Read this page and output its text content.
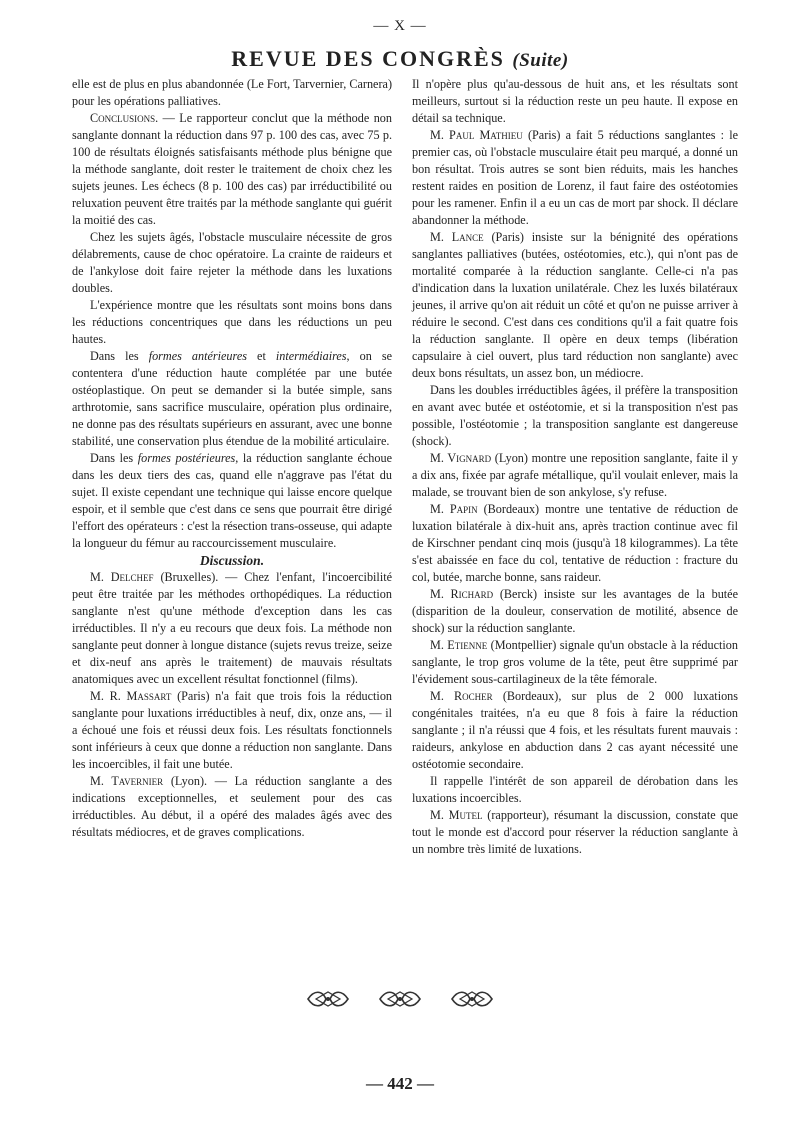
— X —
REVUE DES CONGRÈS (Suite)

elle est de plus en plus abandonnée (Le Fort, Tarvernier, Carnera) pour les opérations palliatives.

Conclusions. — Le rapporteur conclut que la méthode non sanglante donnant la réduction dans 97 p. 100 des cas, avec 75 p. 100 de résultats éloignés satisfaisants méthode plus bénigne que la méthode sanglante, doit rester le traitement de choix chez les sujets jeunes. Les échecs (8 p. 100 des cas) par irréductibilité ou reluxation peuvent être traités par la méthode sanglante qui guérit la moitié des cas.

Chez les sujets âgés, l'obstacle musculaire nécessite de gros délabrements, cause de choc opératoire. La crainte de raideurs et de l'ankylose doit faire rejeter la méthode dans les luxations doubles.

L'expérience montre que les résultats sont moins bons dans les réductions concentriques que dans les réductions un peu hautes.

Dans les formes antérieures et intermédiaires, on se contentera d'une réduction haute complétée par une butée ostéoplastique. On peut se demander si la butée simple, sans arthrotomie, sans sacrifice musculaire, opération plus ordinaire, ne donne pas des résultats supérieurs en assurant, avec une bonne stabilité, une conservation plus étendue de la mobilité articulaire.

Dans les formes postérieures, la réduction sanglante échoue dans les deux tiers des cas, quand elle n'aggrave pas l'état du sujet. Il existe cependant une technique qui laisse encore quelque espoir, et il semble que c'est dans ce sens que pourrait être dirigé l'effort des opérateurs : c'est la résection trans-osseuse, qui adapte la longueur du fémur au raccourcissement musculaire.

Discussion.

M. Delchef (Bruxelles). — Chez l'enfant, l'incoercibilité peut être traitée par les méthodes orthopédiques. La réduction sanglante n'est qu'une méthode d'exception dans les cas irréductibles. Il n'y a eu recours que deux fois. La méthode non sanglante peut donner à longue distance (sujets revus treize, seize et dix-neuf ans après le traitement) de mauvais résultats anatomiques avec un excellent résultat fonctionnel (films).

M. R. Massart (Paris) n'a fait que trois fois la réduction sanglante pour luxations irréductibles à neuf, dix, onze ans, — il a échoué une fois et réussi deux fois. Les résultats fonctionnels sont inférieurs à ceux que donne a réduction non sanglante. Dans les incoercibles, il fait une butée.

M. Tavernier (Lyon). — La réduction sanglante a des indications exceptionnelles, et seulement pour des cas irréductibles. Au début, il a opéré des malades âgés avec des résultats médiocres, et de graves complications.

Il n'opère plus qu'au-dessous de huit ans, et les résultats sont meilleurs, surtout si la réduction reste un peu haute. Il expose en détail sa technique.

M. Paul Mathieu (Paris) a fait 5 réductions sanglantes : le premier cas, où l'obstacle musculaire était peu marqué, a donné un bon résultat. Trois autres se sont bien réduits, mais les hanches restent raides en position de Lorenz, il faut faire des ostéotomies pour les ramener. Enfin il a eu un cas de mort par shock. Il déclare abandonner la méthode.

M. Lance (Paris) insiste sur la bénignité des opérations sanglantes palliatives (butées, ostéotomies, etc.), qui n'ont pas de mortalité comparée à la réduction sanglante. Celle-ci n'a pas d'indication dans la luxation unilatérale. Chez les luxés bilatéraux jeunes, il arrive qu'on ait réduit un côté et qu'on ne puisse arriver à réduire le second. C'est dans ces conditions qu'il a fait quatre fois la réduction sanglante. Il opère en deux temps (libération capsulaire à ciel ouvert, plus tard réduction non sanglante) avec deux bons résultats, un assez bon, un médiocre.

Dans les doubles irréductibles âgées, il préfère la transposition en avant avec butée et ostéotomie, et si la transposition n'est pas possible, l'ostéotomie ; la transposition sanglante est dangereuse (shock).

M. Vignard (Lyon) montre une reposition sanglante, faite il y a dix ans, fixée par agrafe métallique, qu'il voulait enlever, mais la malade, se trouvant bien de son ankylose, s'y refuse.

M. Papin (Bordeaux) montre une tentative de réduction de luxation bilatérale à dix-huit ans, après traction continue avec fil de Kirschner pendant cinq mois (jusqu'à 18 kilogrammes). La tête s'est abaissée en face du col, tentative de réduction : fracture du col, butée, marche bonne, sans raideur.

M. Richard (Berck) insiste sur les avantages de la butée (disparition de la douleur, conservation de motilité, absence de shock) sur la réduction sanglante.

M. Etienne (Montpellier) signale qu'un obstacle à la réduction sanglante, le trop gros volume de la tête, peut être supprimé par l'évidement sous-cartilagineux de la tête fémorale.

M. Rocher (Bordeaux), sur plus de 2 000 luxations congénitales traitées, n'a eu que 8 fois à faire la réduction sanglante ; il n'a réussi que 4 fois, et les résultats furent mauvais : raideurs, ankylose en abduction dans 2 cas ayant nécessité une ostéotomie secondaire.

Il rappelle l'intérêt de son appareil de dérobation dans les luxations incoercibles.

M. Mutel (rapporteur), résumant la discussion, constate que tout le monde est d'accord pour réserver la réduction sanglante à un nombre très limité de luxations.

— 442 —
